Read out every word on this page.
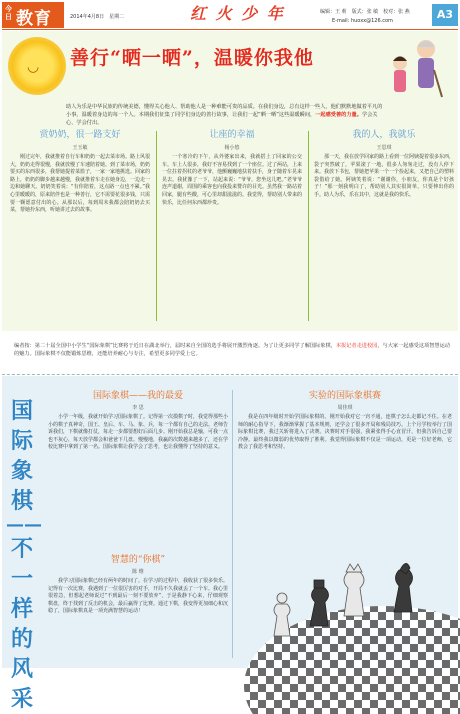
今日 教育	2014年4月8日　星期二	红 火 少 年	编辑：王 莉　版式：张 敏　校对：张 燕
E-mail: huoxx@126.com	A3
◡ 善行“晒一晒”，温暖你我他
助人为乐是中华民族的传统美德，懂得关心他人、帮助他人是一种难能可贵的品质。在我们身边，总有这样一些人，他们默默地做着平凡的小事，温暖着身边的每一个人。本期我们征集了同学们身边的善行故事，让我们一起“晒一晒”这些温暖瞬间，一起感受善的力量。学会关心，学会付出。
赏奶奶，很一路支好
王玉敏
刚过完年，我就推着自行车和奶奶一起去菜市场。路上风很大，奶奶走得很慢，我就放慢了车速陪着她。到了菜市场，奶奶要买的东西很多，我帮她提着菜篮子，一家一家地挑选。回家的路上，奶奶的脚步越来越慢，我就推着车走在她身边，一边走一边和她聊天。奶奶笑着说：“有你陪着，这点路一点也不累。”我心里暖暖的，原来陪伴也是一种善行，它不需要花很多钱，只需要一颗愿意付出的心。从那以后，每到周末我都会陪奶奶去买菜，帮她拎东西，听她讲过去的故事。
让座的幸福
杨小悠
一个寒冷的下午，从外婆家出来，我就搭上了回家的公交车。车上人很多，我好不容易找到了一个座位。过了两站，上来一位拄着拐杖的老爷爷，他颤巍巍地扶着扶手，身子随着车晃来晃去。我犹豫了一下，站起来说：“爷爷，您坐这儿吧。”老爷爷连声道谢，周围的乘客也向我投来赞许的目光。虽然我一路站着回家，腿有些酸，可心里却甜滋滋的。我觉得，帮助别人带来的快乐，比任何东西都珍贵。
我的人，我就乐
王思琪
那一天，我在放学回家的路上看到一位阿姨提着很多东西，袋子突然破了，苹果滚了一地。很多人匆匆走过，没有人停下来。我放下书包，帮她把苹果一个一个捡起来，又把自己的塑料袋借给了她。阿姨笑着说：“谢谢你，小朋友，你真是个好孩子！”那一刻我明白了，帮助别人其实很简单，只要伸出你的手。助人为乐，乐在其中，这就是我的快乐。
编者按：第二十届全国中小学生“国际象棋”比赛将于近日在湖北举行，届时来自全国的选手将展开激烈角逐。为了让更多同学了解国际象棋，本报记者走进校园，与大家一起感受这项智慧运动的魅力。国际象棋不仅能锻炼思维，还能培养耐心与专注，希望更多同学爱上它。
国
际
象
棋
——
不
一
样
的
风
采
国际象棋——我的最爱
李 思
小学一年级，我就开始学习国际象棋了。记得第一次摸棋子时，我觉得那些小小的棋子真神奇，国王、皇后、车、马、象、兵，每一个都有自己的走法。老师告诉我们，下棋就像打仗，每走一步都要想好后面几步。刚开始我总是输，可我一点也不灰心，每天放学都会和爸爸下几盘。慢慢地，我赢的次数越来越多了，还在学校比赛中拿到了第一名。国际象棋让我学会了思考，也让我懂得了坚持的意义。
智慧的“你棋”
陈 维
我学习国际象棋已经有两年的时间了。在学习的过程中，我收获了很多快乐。记得有一次比赛，我遇到了一位很厉害的对手，开局不久我就丢了一个车。我心里很着急，但想起老师说过“不到最后一刻不要放弃”，于是我静下心来，仔细观察棋盘，终于找到了反击的机会，最后赢得了比赛。通过下棋，我变得更加细心和沉稳了，国际象棋真是一项充满智慧的运动！
实验的国际象棋赛
周佳琪
我是在四年级时开始学国际象棋的。刚开始我对它一窍不通，连棋子怎么走都记不住。在老师的耐心指导下，我渐渐掌握了基本规则，还学会了很多开局和残局技巧。上个月学校举行了国际象棋比赛，我过关斩将进入了决赛。决赛时对手很强，我紧张得手心直冒汗，但我告诉自己要冷静。最终我以微弱的优势取得了胜利。我觉得国际象棋不仅是一项运动，更是一位好老师，它教会了我思考和坚持。
